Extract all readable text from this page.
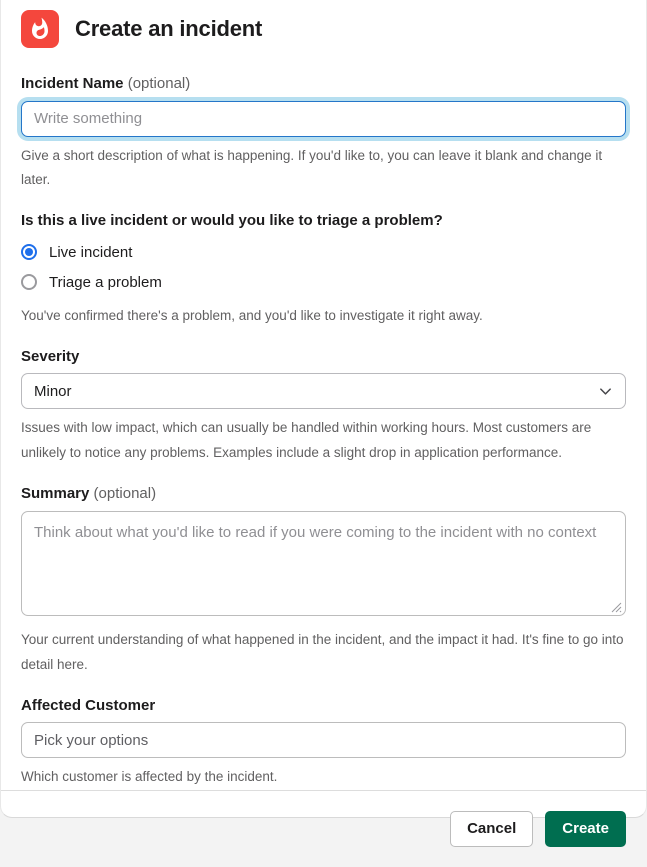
Create an incident
Incident Name (optional)
Write something
Give a short description of what is happening. If you'd like to, you can leave it blank and change it later.
Is this a live incident or would you like to triage a problem?
Live incident
Triage a problem
You've confirmed there's a problem, and you'd like to investigate it right away.
Severity
Minor
Issues with low impact, which can usually be handled within working hours. Most customers are unlikely to notice any problems. Examples include a slight drop in application performance.
Summary (optional)
Think about what you'd like to read if you were coming to the incident with no context
Your current understanding of what happened in the incident, and the impact it had. It's fine to go into detail here.
Affected Customer
Pick your options
Which customer is affected by the incident.
Cancel	Create
